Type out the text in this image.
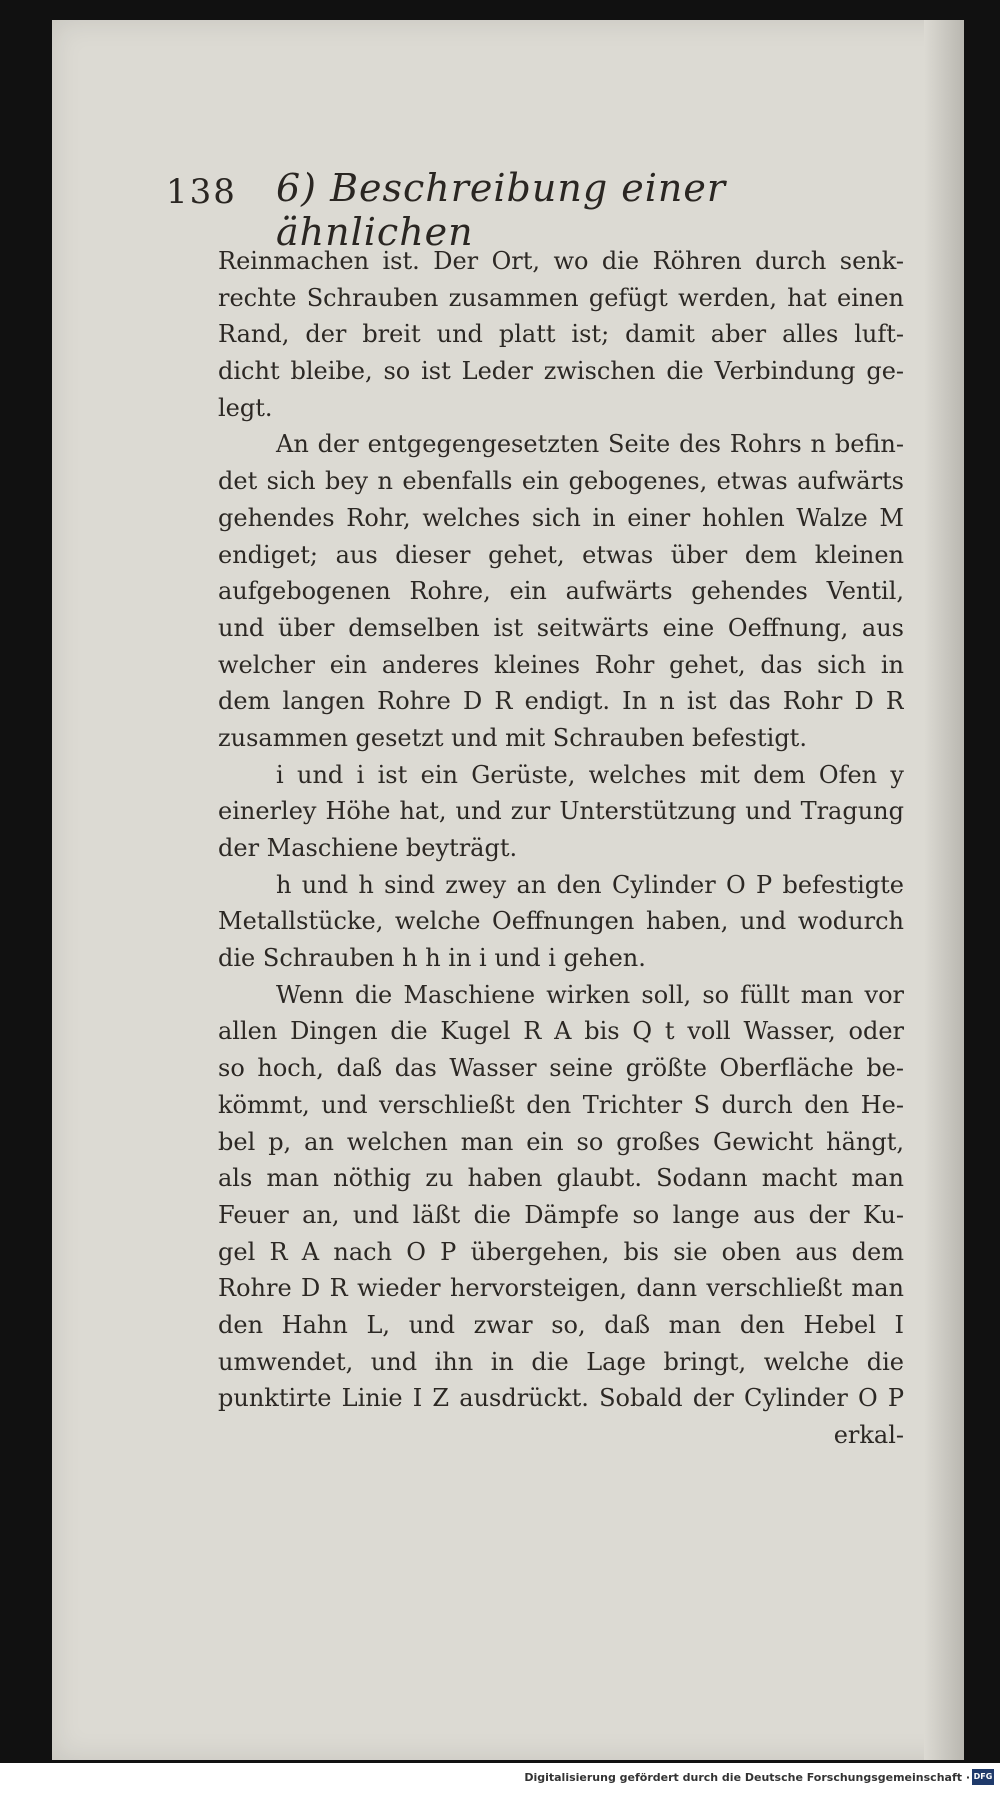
138 6) Beschreibung einer ähnlichen
Reinmachen ist. Der Ort, wo die Röhren durch senk-
rechte Schrauben zusammen gefügt werden, hat einen
Rand, der breit und platt ist; damit aber alles luft-
dicht bleibe, so ist Leder zwischen die Verbindung ge-
legt.
An der entgegengesetzten Seite des Rohrs n befin-
det sich bey n ebenfalls ein gebogenes, etwas aufwärts
gehendes Rohr, welches sich in einer hohlen Walze M
endiget; aus dieser gehet, etwas über dem kleinen
aufgebogenen Rohre, ein aufwärts gehendes Ventil,
und über demselben ist seitwärts eine Oeffnung, aus
welcher ein anderes kleines Rohr gehet, das sich in
dem langen Rohre D R endigt. In n ist das Rohr D R
zusammen gesetzt und mit Schrauben befestigt.
i und i ist ein Gerüste, welches mit dem Ofen y
einerley Höhe hat, und zur Unterstützung und Tragung
der Maschiene beyträgt.
h und h sind zwey an den Cylinder O P befestigte
Metallstücke, welche Oeffnungen haben, und wodurch
die Schrauben h h in i und i gehen.
Wenn die Maschiene wirken soll, so füllt man vor
allen Dingen die Kugel R A bis Q t voll Wasser, oder
so hoch, daß das Wasser seine größte Oberfläche be-
kömmt, und verschließt den Trichter S durch den He-
bel p, an welchen man ein so großes Gewicht hängt,
als man nöthig zu haben glaubt. Sodann macht man
Feuer an, und läßt die Dämpfe so lange aus der Ku-
gel R A nach O P übergehen, bis sie oben aus dem
Rohre D R wieder hervorsteigen, dann verschließt man
den Hahn L, und zwar so, daß man den Hebel I
umwendet, und ihn in die Lage bringt, welche die
punktirte Linie I Z ausdrückt. Sobald der Cylinder O P
erkal-
Digitalisierung gefördert durch die Deutsche Forschungsgemeinschaft · DFG
